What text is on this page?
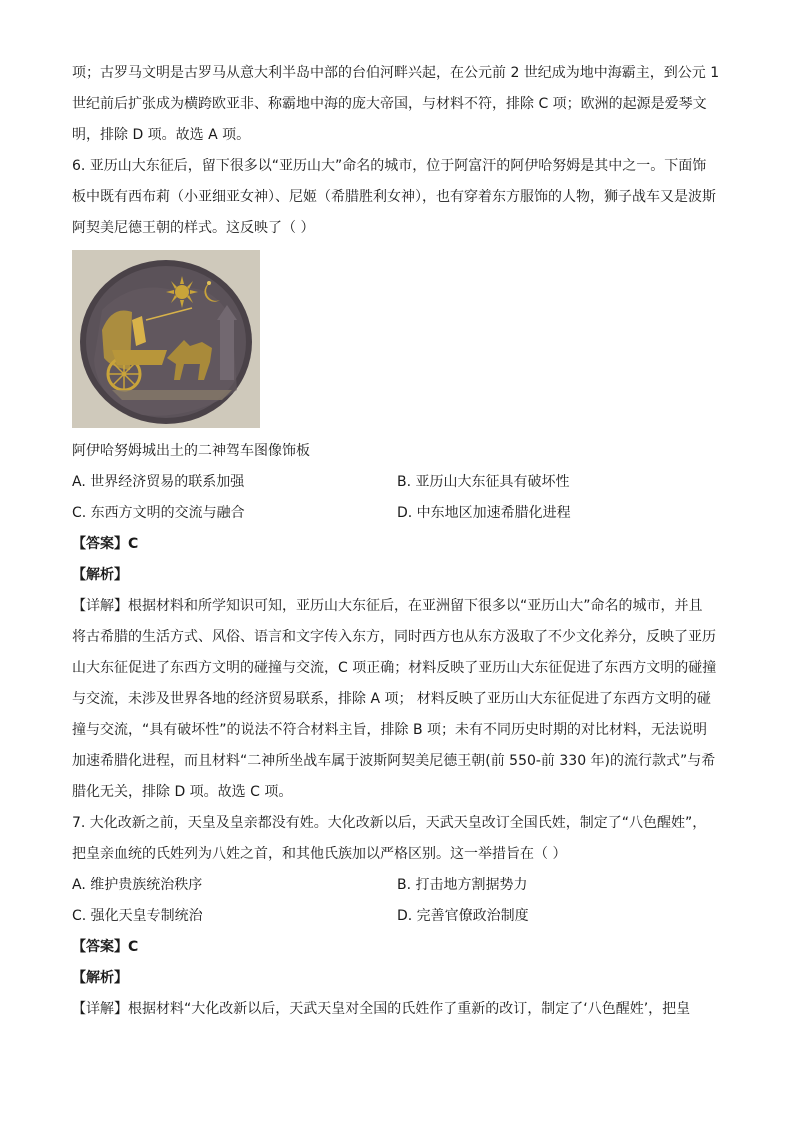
项；古罗马文明是古罗马从意大利半岛中部的台伯河畔兴起，在公元前 2 世纪成为地中海霸主，到公元 1

世纪前后扩张成为横跨欧亚非、称霸地中海的庞大帝国，与材料不符，排除 C 项；欧洲的起源是爱琴文

明，排除 D 项。故选 A 项。

6. 亚历山大东征后，留下很多以“亚历山大”命名的城市，位于阿富汗的阿伊哈努姆是其中之一。下面饰

板中既有西布莉（小亚细亚女神）、尼姬（希腊胜利女神），也有穿着东方服饰的人物，狮子战车又是波斯

阿契美尼德王朝的样式。这反映了（ ）

阿伊哈努姆城出土的二神驾车图像饰板

A. 世界经济贸易的联系加强	B. 亚历山大东征具有破坏性
C. 东西方文明的交流与融合	D. 中东地区加速希腊化进程

【答案】C

【解析】

【详解】根据材料和所学知识可知，亚历山大东征后，在亚洲留下很多以“亚历山大”命名的城市，并且

将古希腊的生活方式、风俗、语言和文字传入东方，同时西方也从东方汲取了不少文化养分，反映了亚历

山大东征促进了东西方文明的碰撞与交流，C 项正确；材料反映了亚历山大东征促进了东西方文明的碰撞

与交流，未涉及世界各地的经济贸易联系，排除 A 项； 材料反映了亚历山大东征促进了东西方文明的碰

撞与交流，“具有破坏性”的说法不符合材料主旨，排除 B 项；未有不同历史时期的对比材料，无法说明

加速希腊化进程，而且材料“二神所坐战车属于波斯阿契美尼德王朝(前 550-前 330 年)的流行款式”与希

腊化无关，排除 D 项。故选 C 项。

7. 大化改新之前，天皇及皇亲都没有姓。大化改新以后，天武天皇改订全国氏姓，制定了“八色醒姓”，

把皇亲血统的氏姓列为八姓之首，和其他氏族加以严格区别。这一举措旨在（ ）

A. 维护贵族统治秩序	B. 打击地方割据势力
C. 强化天皇专制统治	D. 完善官僚政治制度

【答案】C

【解析】

【详解】根据材料“大化改新以后，天武天皇对全国的氏姓作了重新的改订，制定了‘八色醒姓’，把皇
